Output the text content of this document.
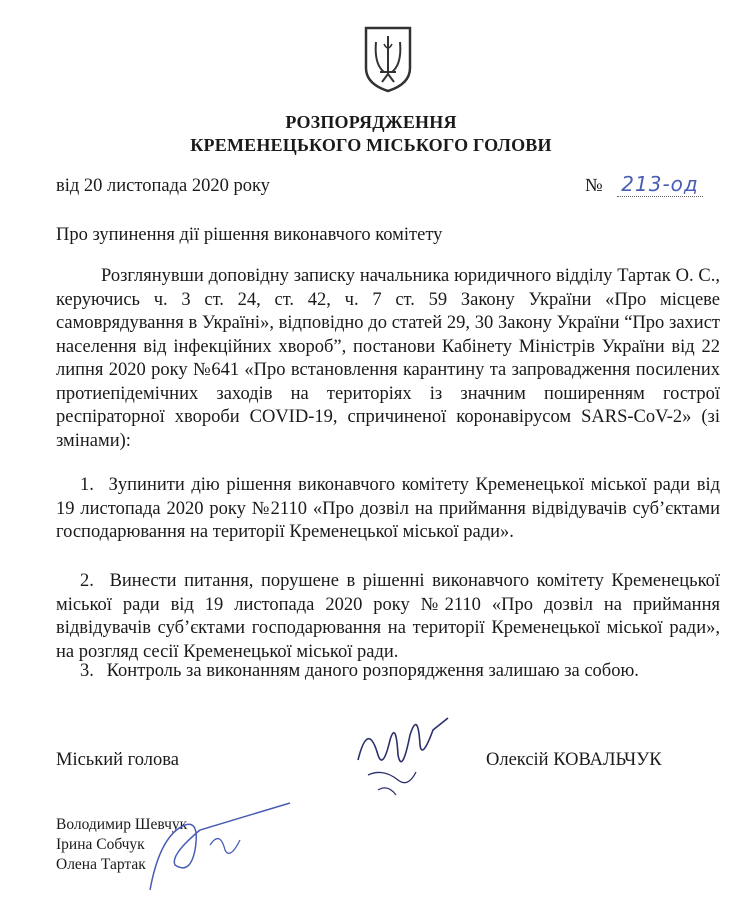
РОЗПОРЯДЖЕННЯ
КРЕМЕНЕЦЬКОГО МІСЬКОГО ГОЛОВИ
від 20 листопада 2020 року	№ 213-од
Про зупинення дії рішення виконавчого комітету
Розглянувши доповідну записку начальника юридичного відділу Тартак О. С., керуючись ч. 3 ст. 24, ст. 42, ч. 7 ст. 59 Закону України «Про місцеве самоврядування в Україні», відповідно до статей 29, 30 Закону України “Про захист населення від інфекційних хвороб”, постанови Кабінету Міністрів України від 22 липня 2020 року №641 «Про встановлення карантину та запровадження посилених протиепідемічних заходів на територіях із значним поширенням гострої респіраторної хвороби COVID-19, спричиненої коронавірусом SARS-CoV-2» (зі змінами):
1. Зупинити дію рішення виконавчого комітету Кременецької міської ради від 19 листопада 2020 року №2110 «Про дозвіл на приймання відвідувачів суб’єктами господарювання на території Кременецької міської ради».
2. Винести питання, порушене в рішенні виконавчого комітету Кременецької міської ради від 19 листопада 2020 року №2110 «Про дозвіл на приймання відвідувачів суб’єктами господарювання на території Кременецької міської ради», на розгляд сесії Кременецької міської ради.
3. Контроль за виконанням даного розпорядження залишаю за собою.
Міський голова	Олексій КОВАЛЬЧУК
Володимир Шевчук
Ірина Собчук
Олена Тартак
